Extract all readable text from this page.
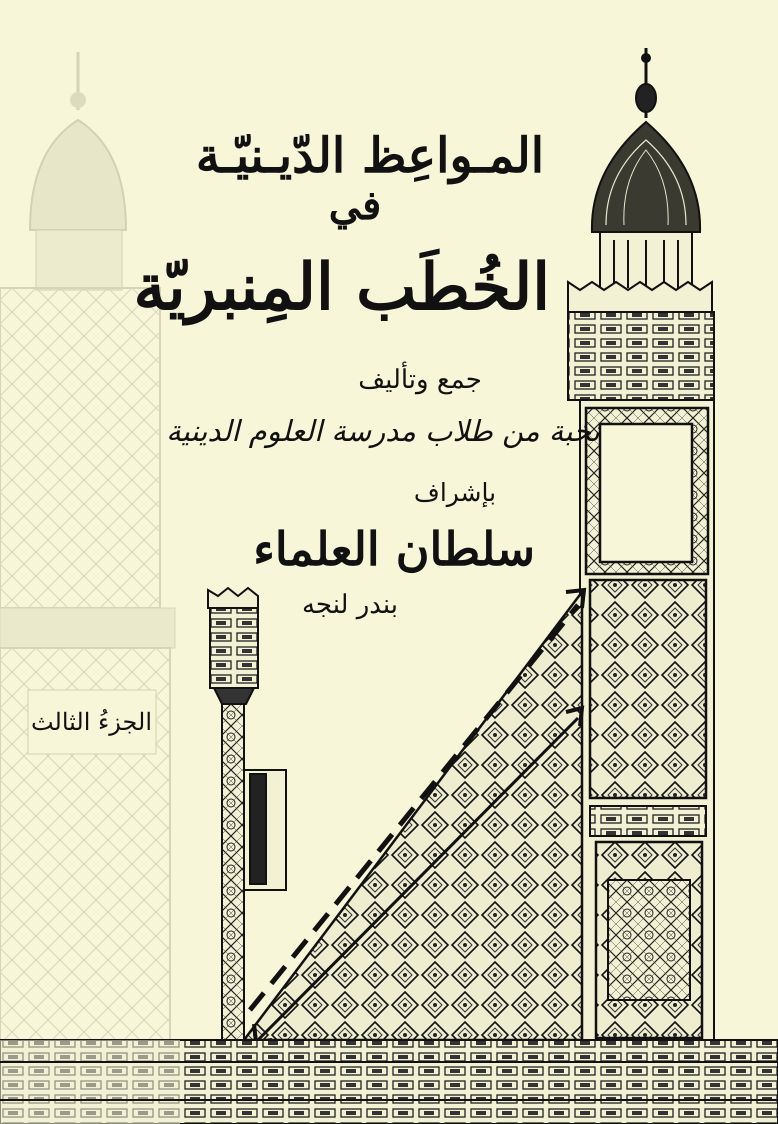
المـواعِظ الدّيـنيّـة
في
الخُطَب المِنبريّة
جمع وتأليف
نخبة من طلاب مدرسة العلوم الدينية
بإشراف
سلطان العلماء
بندر لنجه
الجزءُ الثالث
